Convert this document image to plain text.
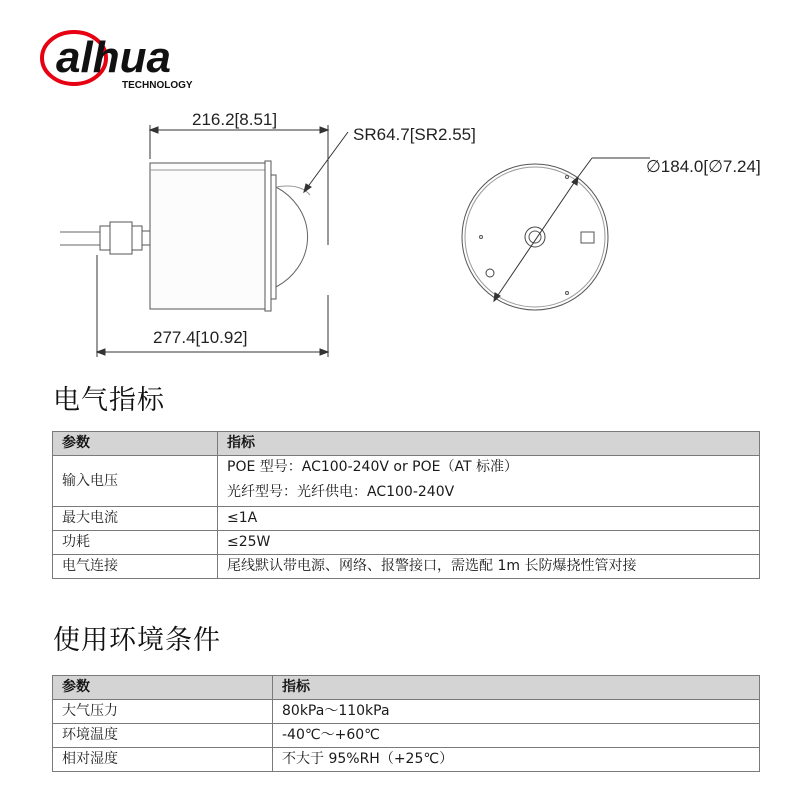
alhua
TECHNOLOGY
216.2[8.51]
SR64.7[SR2.55]
277.4[10.92]
∅184.0[∅7.24]
电气指标
参数	指标
输入电压	POE 型号：AC100-240V or POE（AT 标准）
光纤型号：光纤供电：AC100-240V

最大电流	≤1A
功耗	≤25W
电气连接	尾线默认带电源、网络、报警接口，需选配 1m 长防爆挠性管对接
使用环境条件
参数	指标
大气压力	80kPa～110kPa
环境温度	-40℃～+60℃
相对湿度	不大于 95%RH（+25℃）
